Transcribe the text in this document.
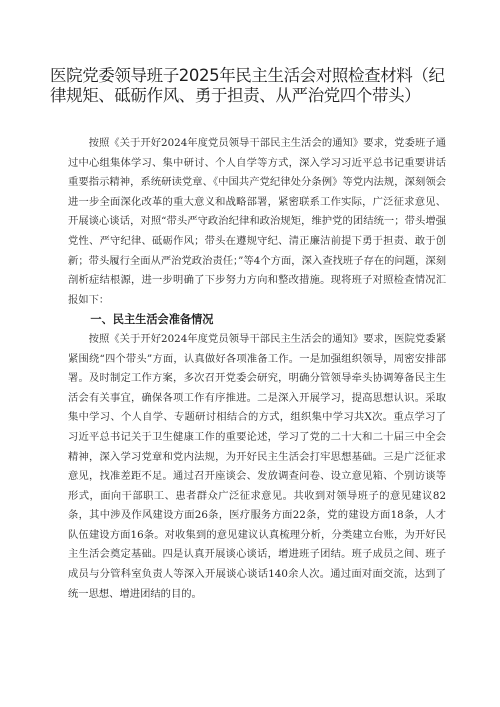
医院党委领导班子2025年民主生活会对照检查材料（纪律规矩、砥砺作风、勇于担责、从严治党四个带头）

按照《关于开好2024年度党员领导干部民主生活会的通知》要求，党委班子通过中心组集体学习、集中研讨、个人自学等方式，深入学习习近平总书记重要讲话重要指示精神，系统研读党章、《中国共产党纪律处分条例》等党内法规，深刻领会进一步全面深化改革的重大意义和战略部署，紧密联系工作实际，广泛征求意见、开展谈心谈话，对照“带头严守政治纪律和政治规矩，维护党的团结统一；带头增强党性、严守纪律、砥砺作风；带头在遵规守纪、清正廉洁前提下勇于担责、敢于创新；带头履行全面从严治党政治责任；”等4个方面，深入查找班子存在的问题，深刻剖析症结根源，进一步明确了下步努力方向和整改措施。现将班子对照检查情况汇报如下：

一、民主生活会准备情况

按照《关于开好2024年度党员领导干部民主生活会的通知》要求，医院党委紧紧围绕“四个带头”方面，认真做好各项准备工作。一是加强组织领导，周密安排部署。及时制定工作方案，多次召开党委会研究，明确分管领导牵头协调筹备民主生活会有关事宜，确保各项工作有序推进。二是深入开展学习，提高思想认识。采取集中学习、个人自学、专题研讨相结合的方式，组织集中学习共X次。重点学习了习近平总书记关于卫生健康工作的重要论述，学习了党的二十大和二十届三中全会精神，深入学习党章和党内法规，为开好民主生活会打牢思想基础。三是广泛征求意见，找准差距不足。通过召开座谈会、发放调查问卷、设立意见箱、个别访谈等形式，面向干部职工、患者群众广泛征求意见。共收到对领导班子的意见建议82条，其中涉及作风建设方面26条，医疗服务方面22条，党的建设方面18条，人才队伍建设方面16条。对收集到的意见建议认真梳理分析，分类建立台账，为开好民主生活会奠定基础。四是认真开展谈心谈话，增进班子团结。班子成员之间、班子成员与分管科室负责人等深入开展谈心谈话140余人次。通过面对面交流，达到了统一思想、增进团结的目的。
